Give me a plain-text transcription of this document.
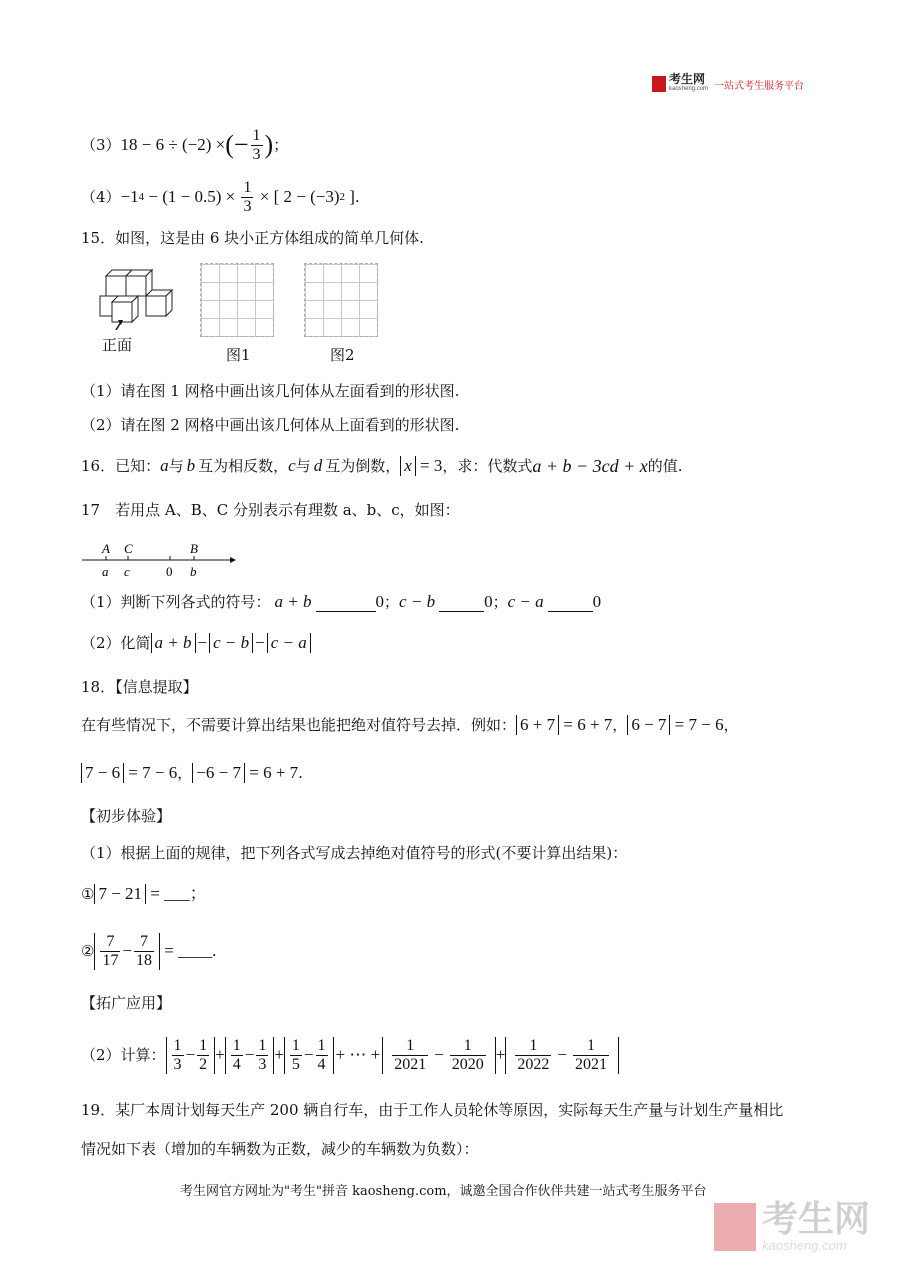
考生网
kaosheng.com 一站式考生服务平台
（3） 18 − 6 ÷ (−2) × (− $\frac{1}{3}$ ) ；
（4） −1 $4 - (1 - 0.5) \times \frac{1}{3}$ × [ 2 − (−3) 2 ] .
15．如图，这是由 6 块小正方体组成的简单几何体.
正面
图1	图2
（1）请在图 1 网格中画出该几何体从左面看到的形状图.
（2）请在图 2 网格中画出该几何体从上面看到的形状图.
16．已知： a 与 b 互为相反数， c 与 d 互为倒数， x = 3 ，求：代数式 a + b − 3cd + x 的值.
17　若用点 A、B、C 分别表示有理数 a、b、c，如图：
A C	B
a c	0 b
（1）判断下列各式的符号： a + b	0 ； c − b	0 ； c − a	0
（2）化简 a + b − c − b − c − a
18．【信息提取】
在有些情况下，不需要计算出结果也能把绝对值符号去掉．例如： 6 + 7 = 6 + 7 ， 6 − 7 = 7 − 6 ，
7 − 6 = 7 − 6 ， −6 − 7 = 6 + 7 .
【初步体验】
（1）根据上面的规律，把下列各式写成去掉绝对值符号的形式(不要计算出结果)：
① 7 − 21 = ___；
② $\frac{7}{17} - \frac{7}{18}$ = ____.
【拓广应用】
（2）计算： $\frac{1}{3} - \frac{1}{2} + \frac{1}{4} - \frac{1}{3} + \frac{1}{5} - \frac{1}{4}$ + ⋯ + $\frac{1}{2021} - \frac{1}{2020} + \frac{1}{2022} - \frac{1}{2021}$
19．某厂本周计划每天生产 200 辆自行车，由于工作人员轮休等原因，实际每天生产量与计划生产量相比
情况如下表（增加的车辆数为正数，减少的车辆数为负数）：
考生网官方网址为"考生"拼音 kaosheng.com，诚邀全国合作伙伴共建一站式考生服务平台
考生网
kaosheng.com
